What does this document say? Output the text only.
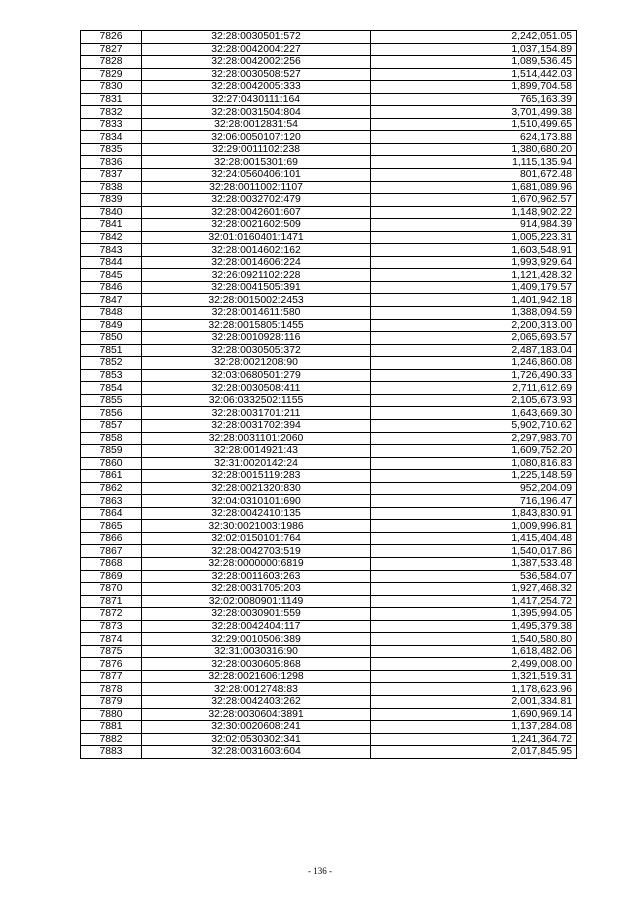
7826	32:28:0030501:572	2,242,051.05
7827	32:28:0042004:227	1,037,154.89
7828	32:28:0042002:256	1,089,536.45
7829	32:28:0030508:527	1,514,442.03
7830	32:28:0042005:333	1,899,704.58
7831	32:27:0430111:164	765,163.39
7832	32:28:0031504:804	3,701,499.38
7833	32:28:0012831:54	1,510,499.65
7834	32:06:0050107:120	624,173.88
7835	32:29:0011102:238	1,380,680.20
7836	32:28:0015301:69	1,115,135.94
7837	32:24:0560406:101	801,672.48
7838	32:28:0011002:1107	1,681,089.96
7839	32:28:0032702:479	1,670,962.57
7840	32:28:0042601:607	1,148,902.22
7841	32:28:0021602:509	914,984.39
7842	32:01:0160401:1471	1,005,223.31
7843	32:28:0014602:162	1,603,548.91
7844	32:28:0014606:224	1,993,929.64
7845	32:26:0921102:228	1,121,428.32
7846	32:28:0041505:391	1,409,179.57
7847	32:28:0015002:2453	1,401,942.18
7848	32:28:0014611:580	1,388,094.59
7849	32:28:0015805:1455	2,200,313.00
7850	32:28:0010928:116	2,065,693.57
7851	32:28:0030505:372	2,487,183.04
7852	32:28:0021208:90	1,246,860.08
7853	32:03:0680501:279	1,726,490.33
7854	32:28:0030508:411	2,711,612.69
7855	32:06:0332502:1155	2,105,673.93
7856	32:28:0031701:211	1,643,669.30
7857	32:28:0031702:394	5,902,710.62
7858	32:28:0031101:2060	2,297,983.70
7859	32:28:0014921:43	1,609,752.20
7860	32:31:0020142:24	1,080,816.83
7861	32:28:0015119:283	1,225,148.59
7862	32:28:0021320:830	952,204.09
7863	32:04:0310101:690	716,196.47
7864	32:28:0042410:135	1,843,830.91
7865	32:30:0021003:1986	1,009,996.81
7866	32:02:0150101:764	1,415,404.48
7867	32:28:0042703:519	1,540,017.86
7868	32:28:0000000:6819	1,387,533.48
7869	32:28:0011603:263	536,584.07
7870	32:28:0031705:203	1,927,468.32
7871	32:02:0080901:1149	1,417,254.72
7872	32:28:0030901:559	1,395,994.05
7873	32:28:0042404:117	1,495,379.38
7874	32:29:0010506:389	1,540,580.80
7875	32:31:0030316:90	1,618,482.06
7876	32:28:0030605:868	2,499,008.00
7877	32:28:0021606:1298	1,321,519.31
7878	32:28:0012748:83	1,178,623.96
7879	32:28:0042403:262	2,001,334.81
7880	32:28:0030604:3891	1,690,969.14
7881	32:30:0020608:241	1,137,284.08
7882	32:02:0530302:341	1,241,364.72
7883	32:28:0031603:604	2,017,845.95
- 136 -
